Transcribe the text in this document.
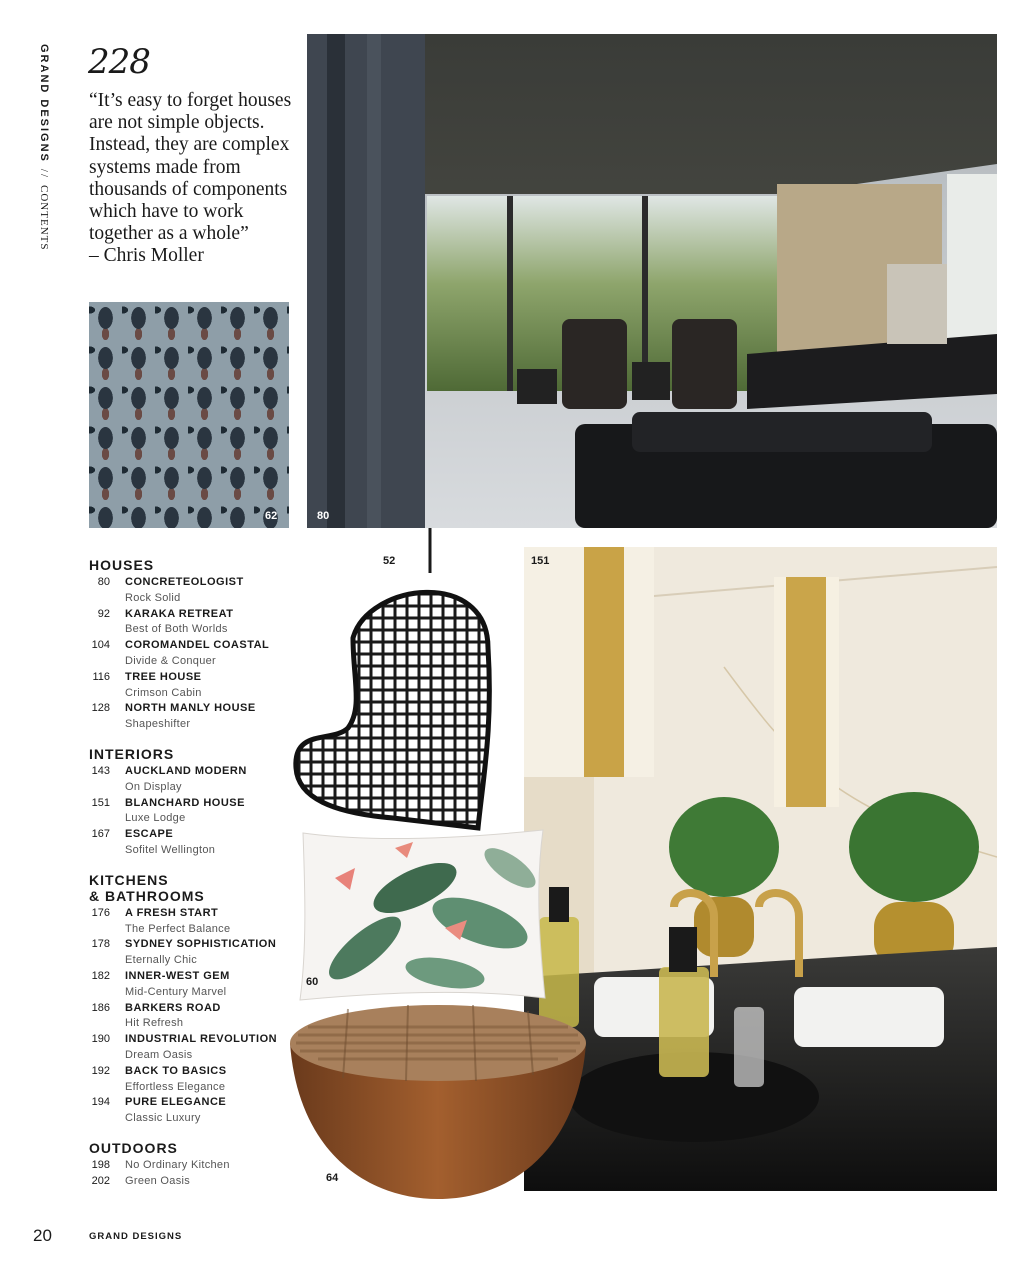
GRAND DESIGNS//CONTENTS
228
“It’s easy to forget houses are not simple objects. Instead, they are complex systems made from thousands of components which have to work together as a whole”
– Chris Moller
62	80
52	151
60
64
HOUSES
80 CONCRETEOLOGIST
Rock Solid
92 KARAKA RETREAT
Best of Both Worlds
104 COROMANDEL COASTAL
Divide & Conquer
116 TREE HOUSE
Crimson Cabin
128 NORTH MANLY HOUSE
Shapeshifter
INTERIORS
143 AUCKLAND MODERN
On Display
151 BLANCHARD HOUSE
Luxe Lodge
167 ESCAPE
Sofitel Wellington
KITCHENS
& BATHROOMS
176 A FRESH START
The Perfect Balance
178 SYDNEY SOPHISTICATION
Eternally Chic
182 INNER-WEST GEM
Mid-Century Marvel
186 BARKERS ROAD
Hit Refresh
190 INDUSTRIAL REVOLUTION
Dream Oasis
192 BACK TO BASICS
Effortless Elegance
194 PURE ELEGANCE
Classic Luxury
OUTDOORS
198 No Ordinary Kitchen
202 Green Oasis
20	GRAND DESIGNS
